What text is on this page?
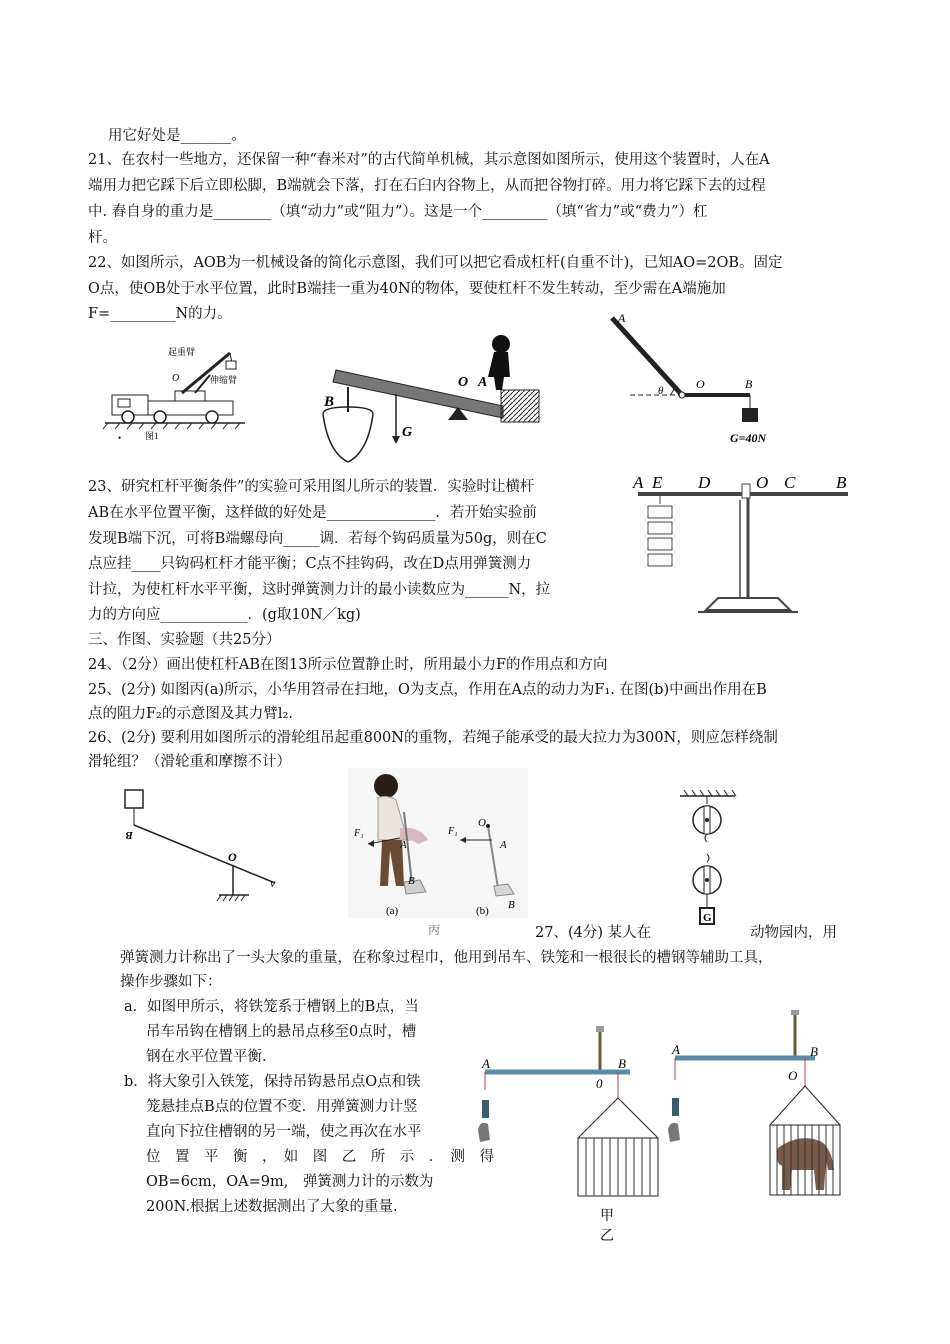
用它好处是_______。
21、在农村一些地方，还保留一种“舂米对”的古代简单机械，其示意图如图所示，使用这个装置时，人在A
端用力把它踩下后立即松脚，B端就会下落，打在石臼内谷物上，从而把谷物打碎。用力将它踩下去的过程
中. 舂自身的重力是________（填“动力”或“阻力”）。这是一个_________（填“省力”或“费力”）杠
杆。
22、如图所示，AOB为一机械设备的简化示意图，我们可以把它看成杠杆(自重不计)，已知AO=2OB。固定
O点，使OB处于水平位置，此时B端挂一重为40N的物体，要使杠杆不发生转动，至少需在A端施加
F=_________N的力。
23、研究杠杆平衡条件”的实验可采用图儿所示的装置．实验时让横杆
AB在水平位置平衡，这样做的好处是_______________．若开始实验前
发现B端下沉，可将B端螺母向_____调．若每个钩码质量为50g，则在C
点应挂____只钩码杠杆才能平衡；C点不挂钩码，改在D点用弹簧测力
计拉，为使杠杆水平平衡，这时弹簧测力计的最小读数应为______N，拉
力的方向应____________．(g取10N／kg)
三、作图、实验题（共25分）
24、（2分）画出使杠杆AB在图13所示位置静止时，所用最小力F的作用点和方向
25、(2分) 如图丙(a)所示，小华用笤帚在扫地，O为支点，作用在A点的动力为F₁. 在图(b)中画出作用在B
点的阻力F₂的示意图及其力臂l₂.
26、(2分) 要利用如图所示的滑轮组吊起重800N的重物，若绳子能承受的最大拉力为300N，则应怎样绕制
滑轮组？（滑轮重和摩擦不计）
27、(4分) 某人在	动物园内，用
弹簧测力计称出了一头大象的重量，在称象过程巾，他用到吊车、铁笼和一根很长的槽钢等辅助工具，
操作步骤如下：
a．如图甲所示，将铁笼系于槽钢上的B点，当
吊车吊钩在槽钢上的悬吊点移至0点时，槽
钢在水平位置平衡.
b．将大象引入铁笼，保持吊钩悬吊点O点和铁
笼悬挂点B点的位置不变．用弹簧测力计竖
直向下拉住槽钢的另一端，使之再次在水平
位　置　平　衡　，　如　图　乙　所　示　．　测　得
OB=6cm，OA=9m,　弹簧测力计的示数为
200N.根据上述数据测出了大象的重量.
起重臂
O	伸缩臂
•	图1
B
O A
G
A
O	B
θ
G=40N
A E D	O C B
B
O
ν
F₁	F₁
O
A	A
B
B
(a)	(b)
丙
G
A	B
0
甲
乙
A	B
O
